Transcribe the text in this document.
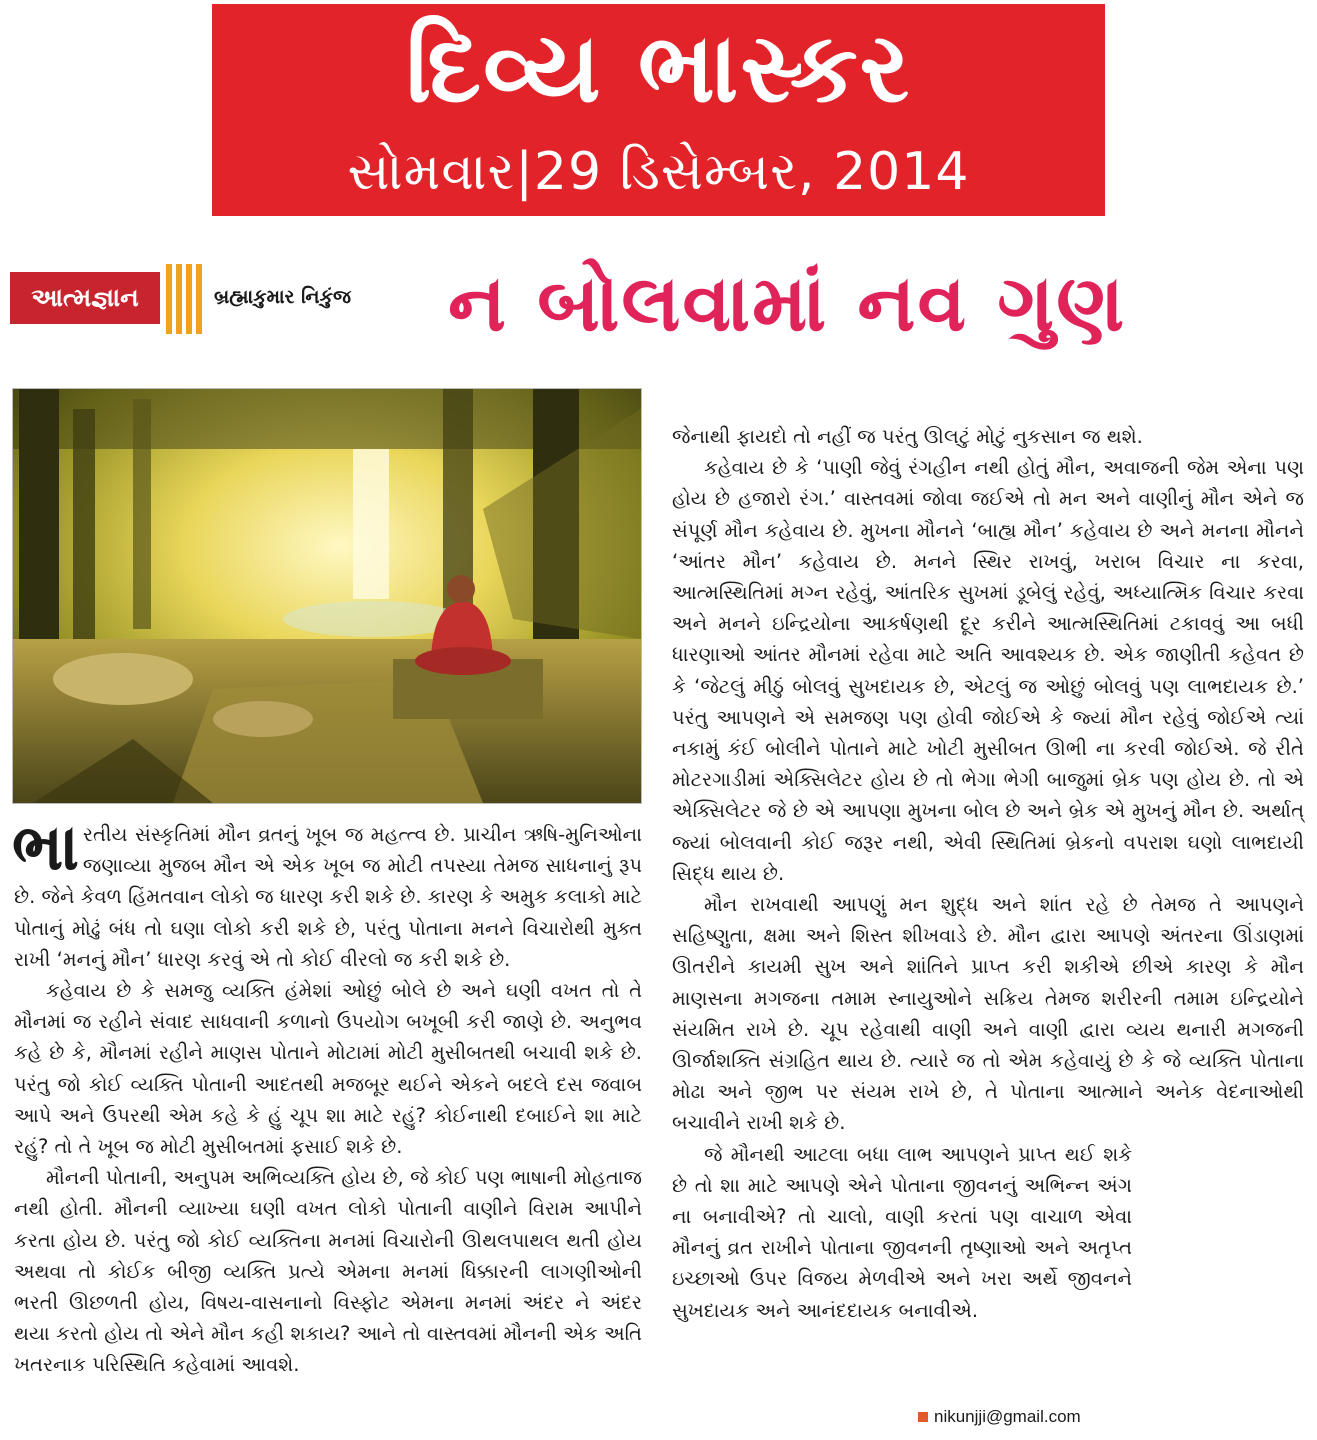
દિવ્ય ભાસ્કર
સોમવાર|29 ડિસેમ્બર, 2014
આત્મજ્ઞાન	બ્રહ્માકુમાર નિકુંજ ન બોલવામાં નવ ગુણ

ભારતીય સંસ્કૃતિમાં મૌન વ્રતનું ખૂબ જ મહત્ત્વ છે. પ્રાચીન ઋષિ-મુનિઓના જણાવ્યા મુજબ મૌન એ એક ખૂબ જ મોટી તપસ્યા તેમજ સાધનાનું રૂપ છે. જેને કેવળ હિંમતવાન લોકો જ ધારણ કરી શકે છે. કારણ કે અમુક કલાકો માટે પોતાનું મોઢું બંધ તો ઘણા લોકો કરી શકે છે, પરંતુ પોતાના મનને વિચારોથી મુક્ત રાખી ‘મનનું મૌન’ ધારણ કરવું એ તો કોઈ વીરલો જ કરી શકે છે.

કહેવાય છે કે સમજુ વ્યક્તિ હંમેશાં ઓછું બોલે છે અને ઘણી વખત તો તે મૌનમાં જ રહીને સંવાદ સાધવાની કળાનો ઉપયોગ બખૂબી કરી જાણે છે. અનુભવ કહે છે કે, મૌનમાં રહીને માણસ પોતાને મોટામાં મોટી મુસીબતથી બચાવી શકે છે. પરંતુ જો કોઈ વ્યક્તિ પોતાની આદતથી મજબૂર થઈને એકને બદલે દસ જવાબ આપે અને ઉપરથી એમ કહે કે હું ચૂપ શા માટે રહું? કોઈનાથી દબાઈને શા માટે રહું? તો તે ખૂબ જ મોટી મુસીબતમાં ફસાઈ શકે છે.

મૌનની પોતાની, અનુપમ અભિવ્યક્તિ હોય છે, જે કોઈ પણ ભાષાની મોહતાજ નથી હોતી. મૌનની વ્યાખ્યા ઘણી વખત લોકો પોતાની વાણીને વિરામ આપીને કરતા હોય છે. પરંતુ જો કોઈ વ્યક્તિના મનમાં વિચારોની ઊથલપાથલ થતી હોય અથવા તો કોઈક બીજી વ્યક્તિ પ્રત્યે એમના મનમાં ધિક્કારની લાગણીઓની ભરતી ઊછળતી હોય, વિષય-વાસનાનો વિસ્ફોટ એમના મનમાં અંદર ને અંદર થયા કરતો હોય તો એને મૌન કહી શકાય? આને તો વાસ્તવમાં મૌનની એક અતિ ખતરનાક પરિસ્થિતિ કહેવામાં આવશે.

જેનાથી ફાયદો તો નહીં જ પરંતુ ઊલટું મોટું નુકસાન જ થશે.

કહેવાય છે કે ‘પાણી જેવું રંગહીન નથી હોતું મૌન, અવાજની જેમ એના પણ હોય છે હજારો રંગ.’ વાસ્તવમાં જોવા જઈએ તો મન અને વાણીનું મૌન એને જ સંપૂર્ણ મૌન કહેવાય છે. મુખના મૌનને ‘બાહ્ય મૌન’ કહેવાય છે અને મનના મૌનને ‘આંતર મૌન’ કહેવાય છે. મનને સ્થિર રાખવું, ખરાબ વિચાર ના કરવા, આત્મસ્થિતિમાં મગ્ન રહેવું, આંતરિક સુખમાં ડૂબેલું રહેવું, અધ્યાત્મિક વિચાર કરવા અને મનને ઇન્દ્રિયોના આકર્ષણથી દૂર કરીને આત્મસ્થિતિમાં ટકાવવું આ બધી ધારણાઓ આંતર મૌનમાં રહેવા માટે અતિ આવશ્યક છે. એક જાણીતી કહેવત છે કે ‘જેટલું મીઠું બોલવું સુખદાયક છે, એટલું જ ઓછું બોલવું પણ લાભદાયક છે.’ પરંતુ આપણને એ સમજણ પણ હોવી જોઈએ કે જ્યાં મૌન રહેવું જોઈએ ત્યાં નકામું કંઈ બોલીને પોતાને માટે ખોટી મુસીબત ઊભી ના કરવી જોઈએ. જે રીતે મોટરગાડીમાં એક્સિલેટર હોય છે તો ભેગા ભેગી બાજુમાં બ્રેક પણ હોય છે. તો એ એક્સિલેટર જે છે એ આપણા મુખના બોલ છે અને બ્રેક એ મુખનું મૌન છે. અર્થાત્ જ્યાં બોલવાની કોઈ જરૂર નથી, એવી સ્થિતિમાં બ્રેકનો વપરાશ ઘણો લાભદાયી સિદ્ધ થાય છે.

મૌન રાખવાથી આપણું મન શુદ્ધ અને શાંત રહે છે તેમજ તે આપણને સહિષ્ણુતા, ક્ષમા અને શિસ્ત શીખવાડે છે. મૌન દ્વારા આપણે અંતરના ઊંડાણમાં ઊતરીને કાયમી સુખ અને શાંતિને પ્રાપ્ત કરી શકીએ છીએ કારણ કે મૌન માણસના મગજના તમામ સ્નાયુઓને સક્રિય તેમજ શરીરની તમામ ઇન્દ્રિયોને સંયમિત રાખે છે. ચૂપ રહેવાથી વાણી અને વાણી દ્વારા વ્યય થનારી મગજની ઊર્જાશક્તિ સંગ્રહિત થાય છે. ત્યારે જ તો એમ કહેવાયું છે કે જે વ્યક્તિ પોતાના મોઢા અને જીભ પર સંયમ રાખે છે, તે પોતાના આત્માને અનેક વેદનાઓથી બચાવીને રાખી શકે છે.

જે મૌનથી આટલા બધા લાભ આપણને પ્રાપ્ત થઈ શકે છે તો શા માટે આપણે એને પોતાના જીવનનું અભિન્ન અંગ ના બનાવીએ? તો ચાલો, વાણી કરતાં પણ વાચાળ એવા મૌનનું વ્રત રાખીને પોતાના જીવનની તૃષ્ણાઓ અને અતૃપ્ત ઇચ્છાઓ ઉપર વિજય મેળવીએ અને ખરા અર્થે જીવનને સુખદાયક અને આનંદદાયક બનાવીએ.

nikunjji@gmail.com
